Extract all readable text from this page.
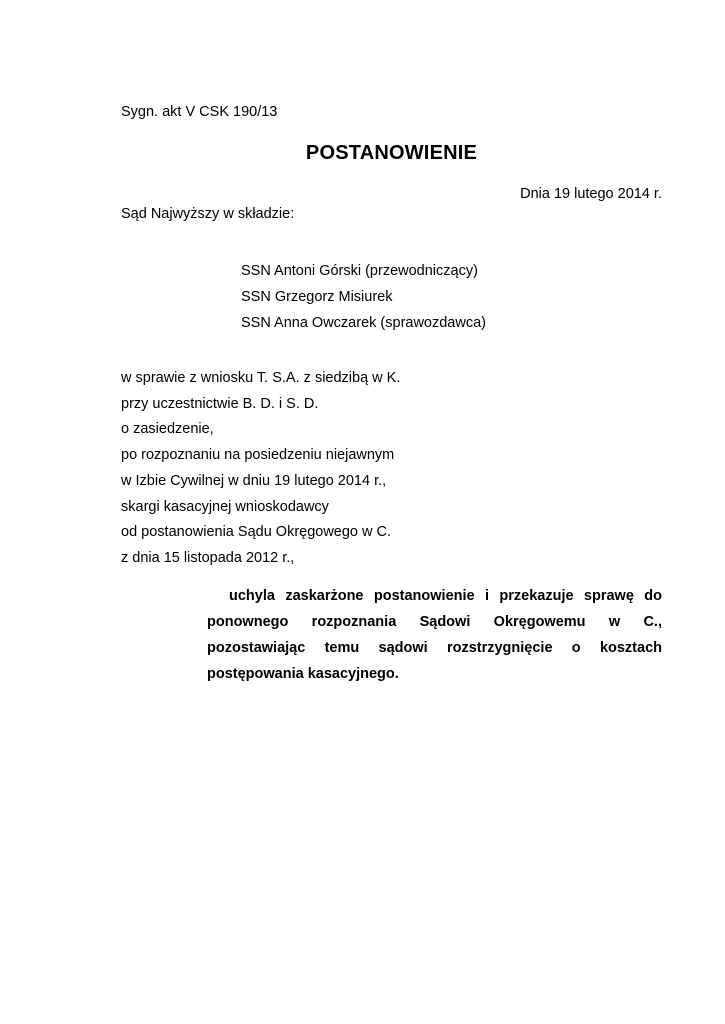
Sygn. akt V CSK 190/13
POSTANOWIENIE
Dnia 19 lutego 2014 r.
Sąd Najwyższy w składzie:
SSN Antoni Górski (przewodniczący)
SSN Grzegorz Misiurek
SSN Anna Owczarek (sprawozdawca)
w sprawie z wniosku T. S.A. z siedzibą w K.
przy uczestnictwie B. D. i S. D.
o zasiedzenie,
po rozpoznaniu na posiedzeniu niejawnym
w Izbie Cywilnej w dniu 19 lutego 2014 r.,
skargi kasacyjnej wnioskodawcy
od postanowienia Sądu Okręgowego w C.
z dnia 15 listopada 2012 r.,
uchyla zaskarżone postanowienie i przekazuje sprawę do ponownego rozpoznania Sądowi Okręgowemu w C., pozostawiając temu sądowi rozstrzygnięcie o kosztach postępowania kasacyjnego.
